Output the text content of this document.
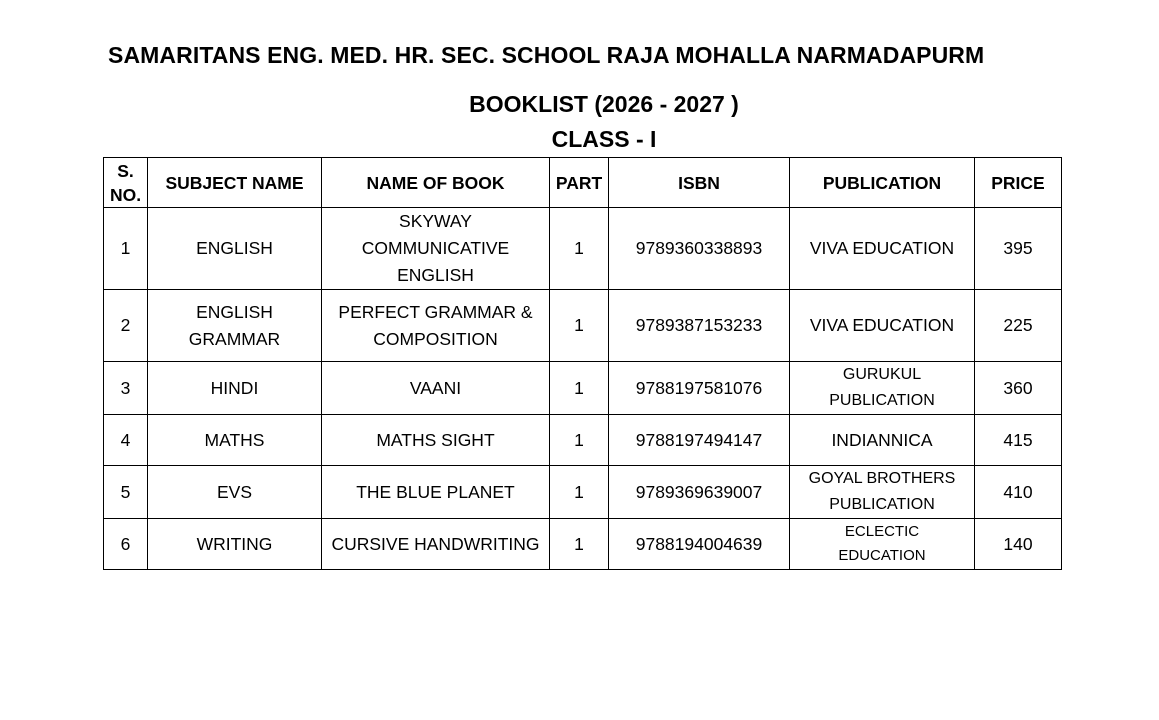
SAMARITANS ENG. MED. HR. SEC. SCHOOL RAJA MOHALLA NARMADAPURM
BOOKLIST (2026 - 2027 )
CLASS - I
S.
NO.	SUBJECT NAME	NAME OF BOOK	PART	ISBN	PUBLICATION	PRICE
1	ENGLISH	SKYWAY
COMMUNICATIVE
ENGLISH	1	9789360338893	VIVA EDUCATION	395
2	ENGLISH
GRAMMAR	PERFECT GRAMMAR &
COMPOSITION	1	9789387153233	VIVA EDUCATION	225
3	HINDI	VAANI	1	9788197581076	GURUKUL
PUBLICATION	360
4	MATHS	MATHS SIGHT	1	9788197494147	INDIANNICA	415
5	EVS	THE BLUE PLANET	1	9789369639007	GOYAL BROTHERS
PUBLICATION	410
6	WRITING	CURSIVE HANDWRITING	1	9788194004639	ECLECTIC
EDUCATION	140
